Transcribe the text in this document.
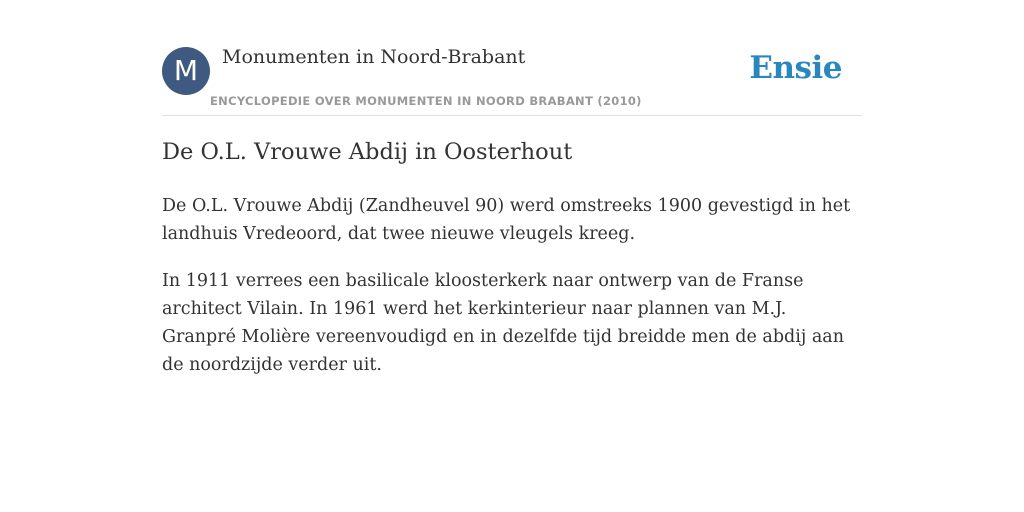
M	Monumenten in Noord-Brabant
ENCYCLOPEDIE OVER MONUMENTEN IN NOORD BRABANT (2010)
Ensie
De O.L. Vrouwe Abdij in Oosterhout

De O.L. Vrouwe Abdij (Zandheuvel 90) werd omstreeks 1900 gevestigd in het landhuis Vredeoord, dat twee nieuwe vleugels kreeg.

In 1911 verrees een basilicale kloosterkerk naar ontwerp van de Franse architect Vilain. In 1961 werd het kerkinterieur naar plannen van M.J. Granpré Molière vereenvoudigd en in dezelfde tijd breidde men de abdij aan de noordzijde verder uit.
